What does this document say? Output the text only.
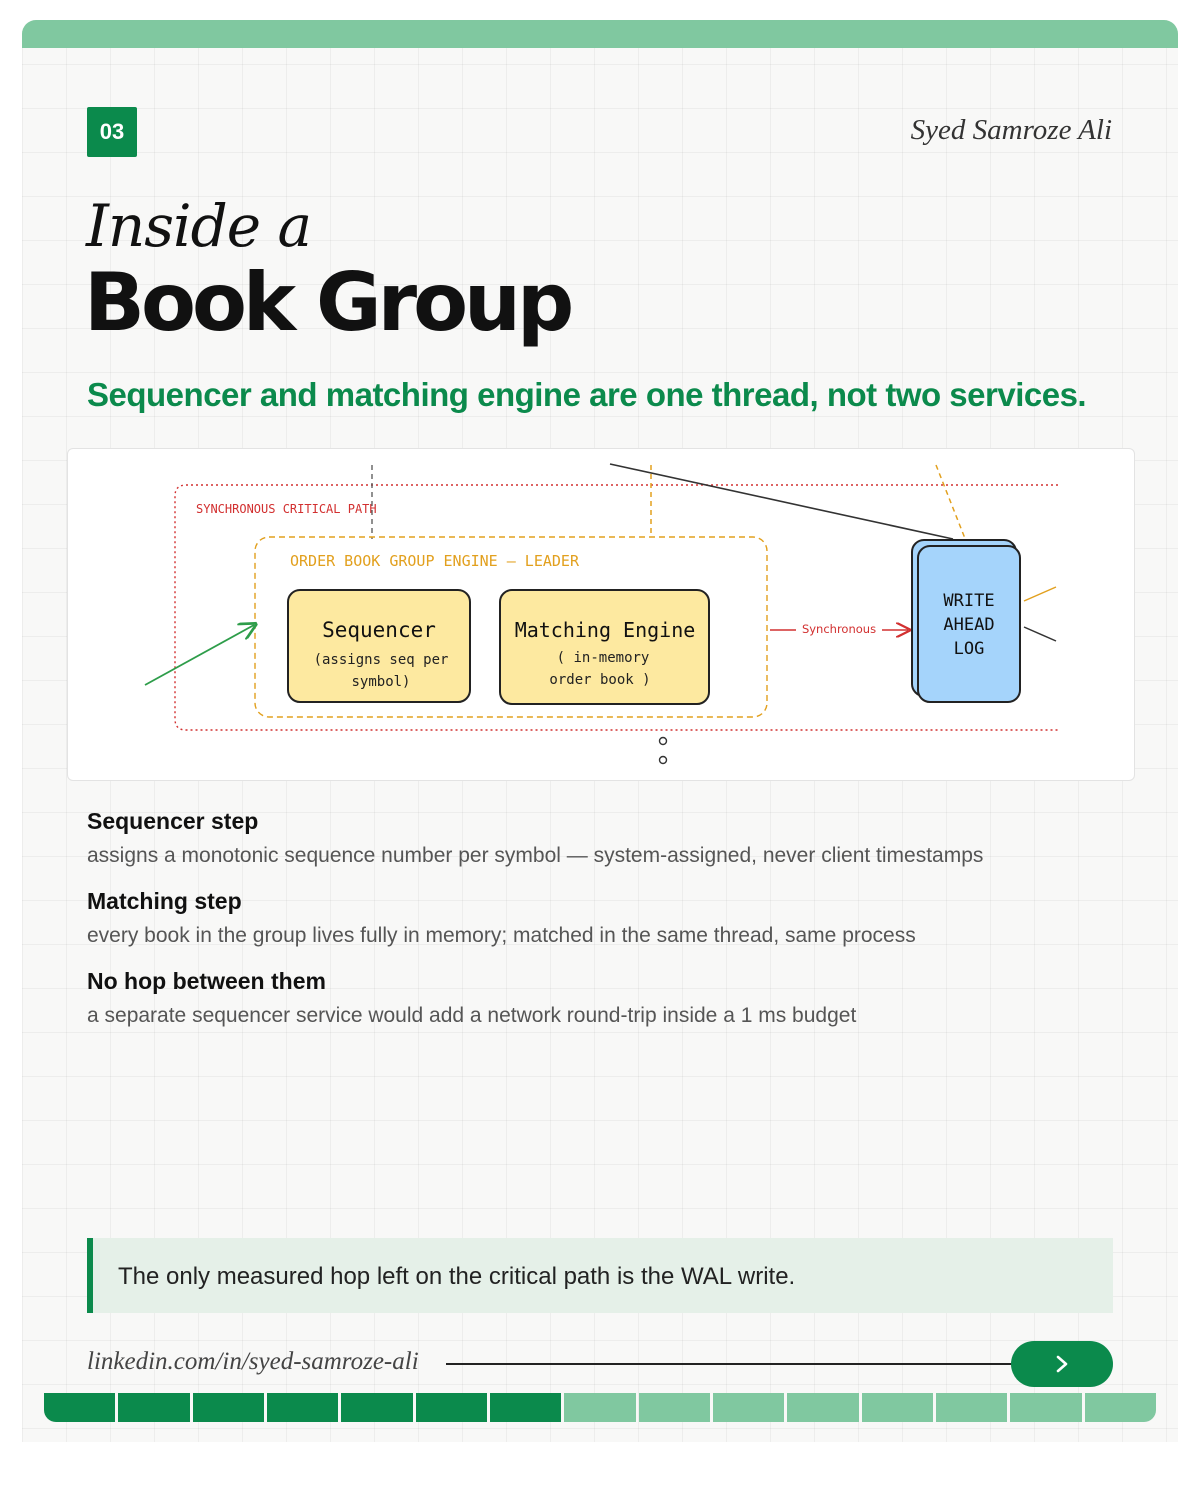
03	Syed Samroze Ali
Inside a
Book Group
Sequencer and matching engine are one thread, not two services.
SYNCHRONOUS CRITICAL PATH
ORDER BOOK GROUP ENGINE — LEADER
Sequencer
(assigns seq per
symbol)
Matching Engine
( in-memory
order book )
Synchronous
WRITE
AHEAD
LOG
Sequencer step
assigns a monotonic sequence number per symbol — system-assigned, never client timestamps
Matching step
every book in the group lives fully in memory; matched in the same thread, same process
No hop between them
a separate sequencer service would add a network round-trip inside a 1 ms budget
The only measured hop left on the critical path is the WAL write.
linkedin.com/in/syed-samroze-ali
